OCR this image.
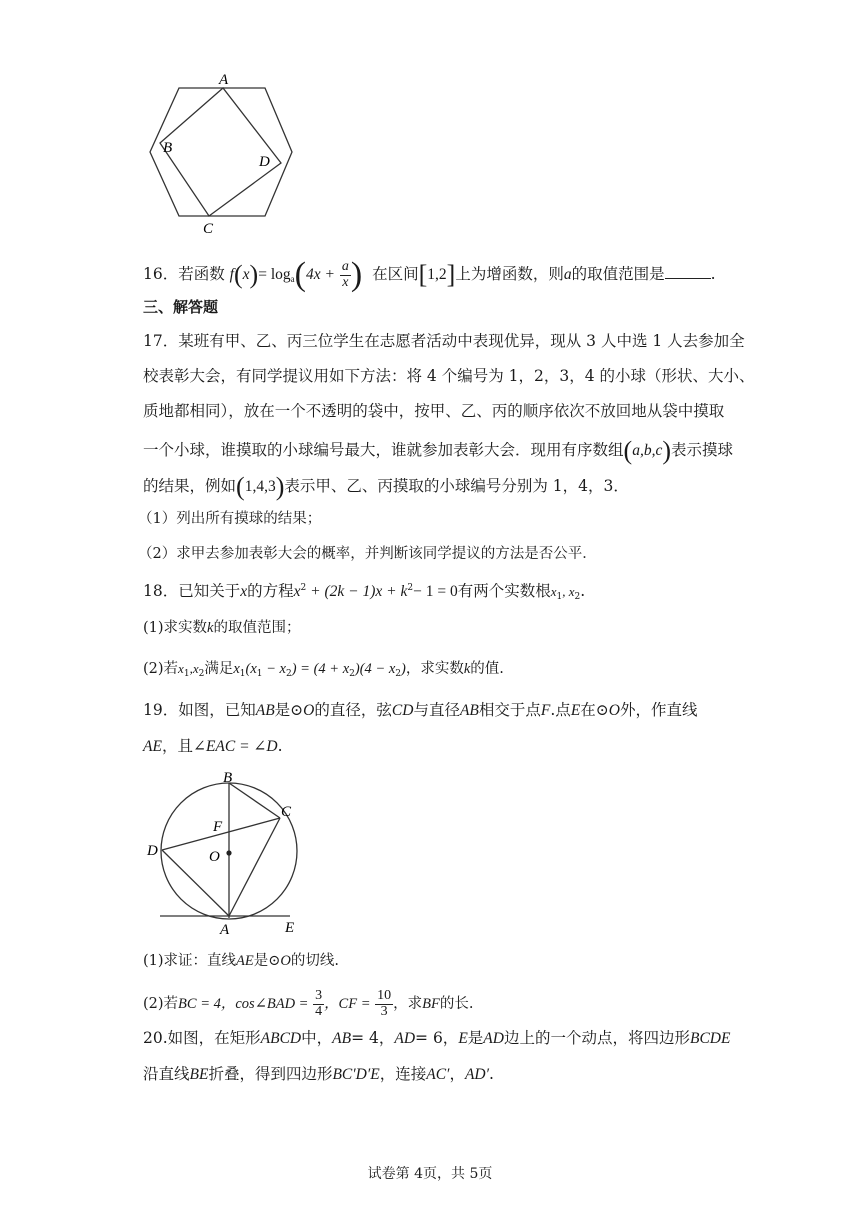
A
B
C
D
16．若函数 $f(x)= \log_a(4x + \frac{a}{x}$ ) 在区间[1,2]上为增函数，则a的取值范围是	.
三、解答题
17．某班有甲、乙、丙三位学生在志愿者活动中表现优异，现从 3 人中选 1 人去参加全
校表彰大会，有同学提议用如下方法：将 4 个编号为 1，2，3，4 的小球（形状、大小、
质地都相同），放在一个不透明的袋中，按甲、乙、丙的顺序依次不放回地从袋中摸取
一个小球，谁摸取的小球编号最大，谁就参加表彰大会．现用有序数组(a,b,c)表示摸球
的结果，例如(1,4,3)表示甲、乙、丙摸取的小球编号分别为 1，4，3．
（1）列出所有摸球的结果；
（2）求甲去参加表彰大会的概率，并判断该同学提议的方法是否公平．
18．已知关于x的方程$x^2 + (2k - 1)x + k^2- 1 = 0$有两个实数根$x_1$, $x_2$.
(1)求实数k的取值范围；
(2)若$x_1,x_2$满足$x_1(x_1 - x_2) = (4 + x_2)(4 - x_2)$，求实数k的值.
19．如图，已知AB是⊙O的直径，弦CD与直径AB相交于点F.点E在⊙O外，作直线
AE，且∠EAC = ∠D.
B
C
F
D	O
A	E
(1)求证：直线AE是⊙O的切线.
(2)若BC = 4，cos∠BAD = $\frac{3}{4}$ ，CF = $\frac{10}{3}$ ，求BF的长.
20.如图，在矩形ABCD中，AB= 4，AD= 6，E是AD边上的一个动点，将四边形BCDE
沿直线BE折叠，得到四边形BC′D′E，连接AC′，AD′.
试卷第 4页，共 5页
